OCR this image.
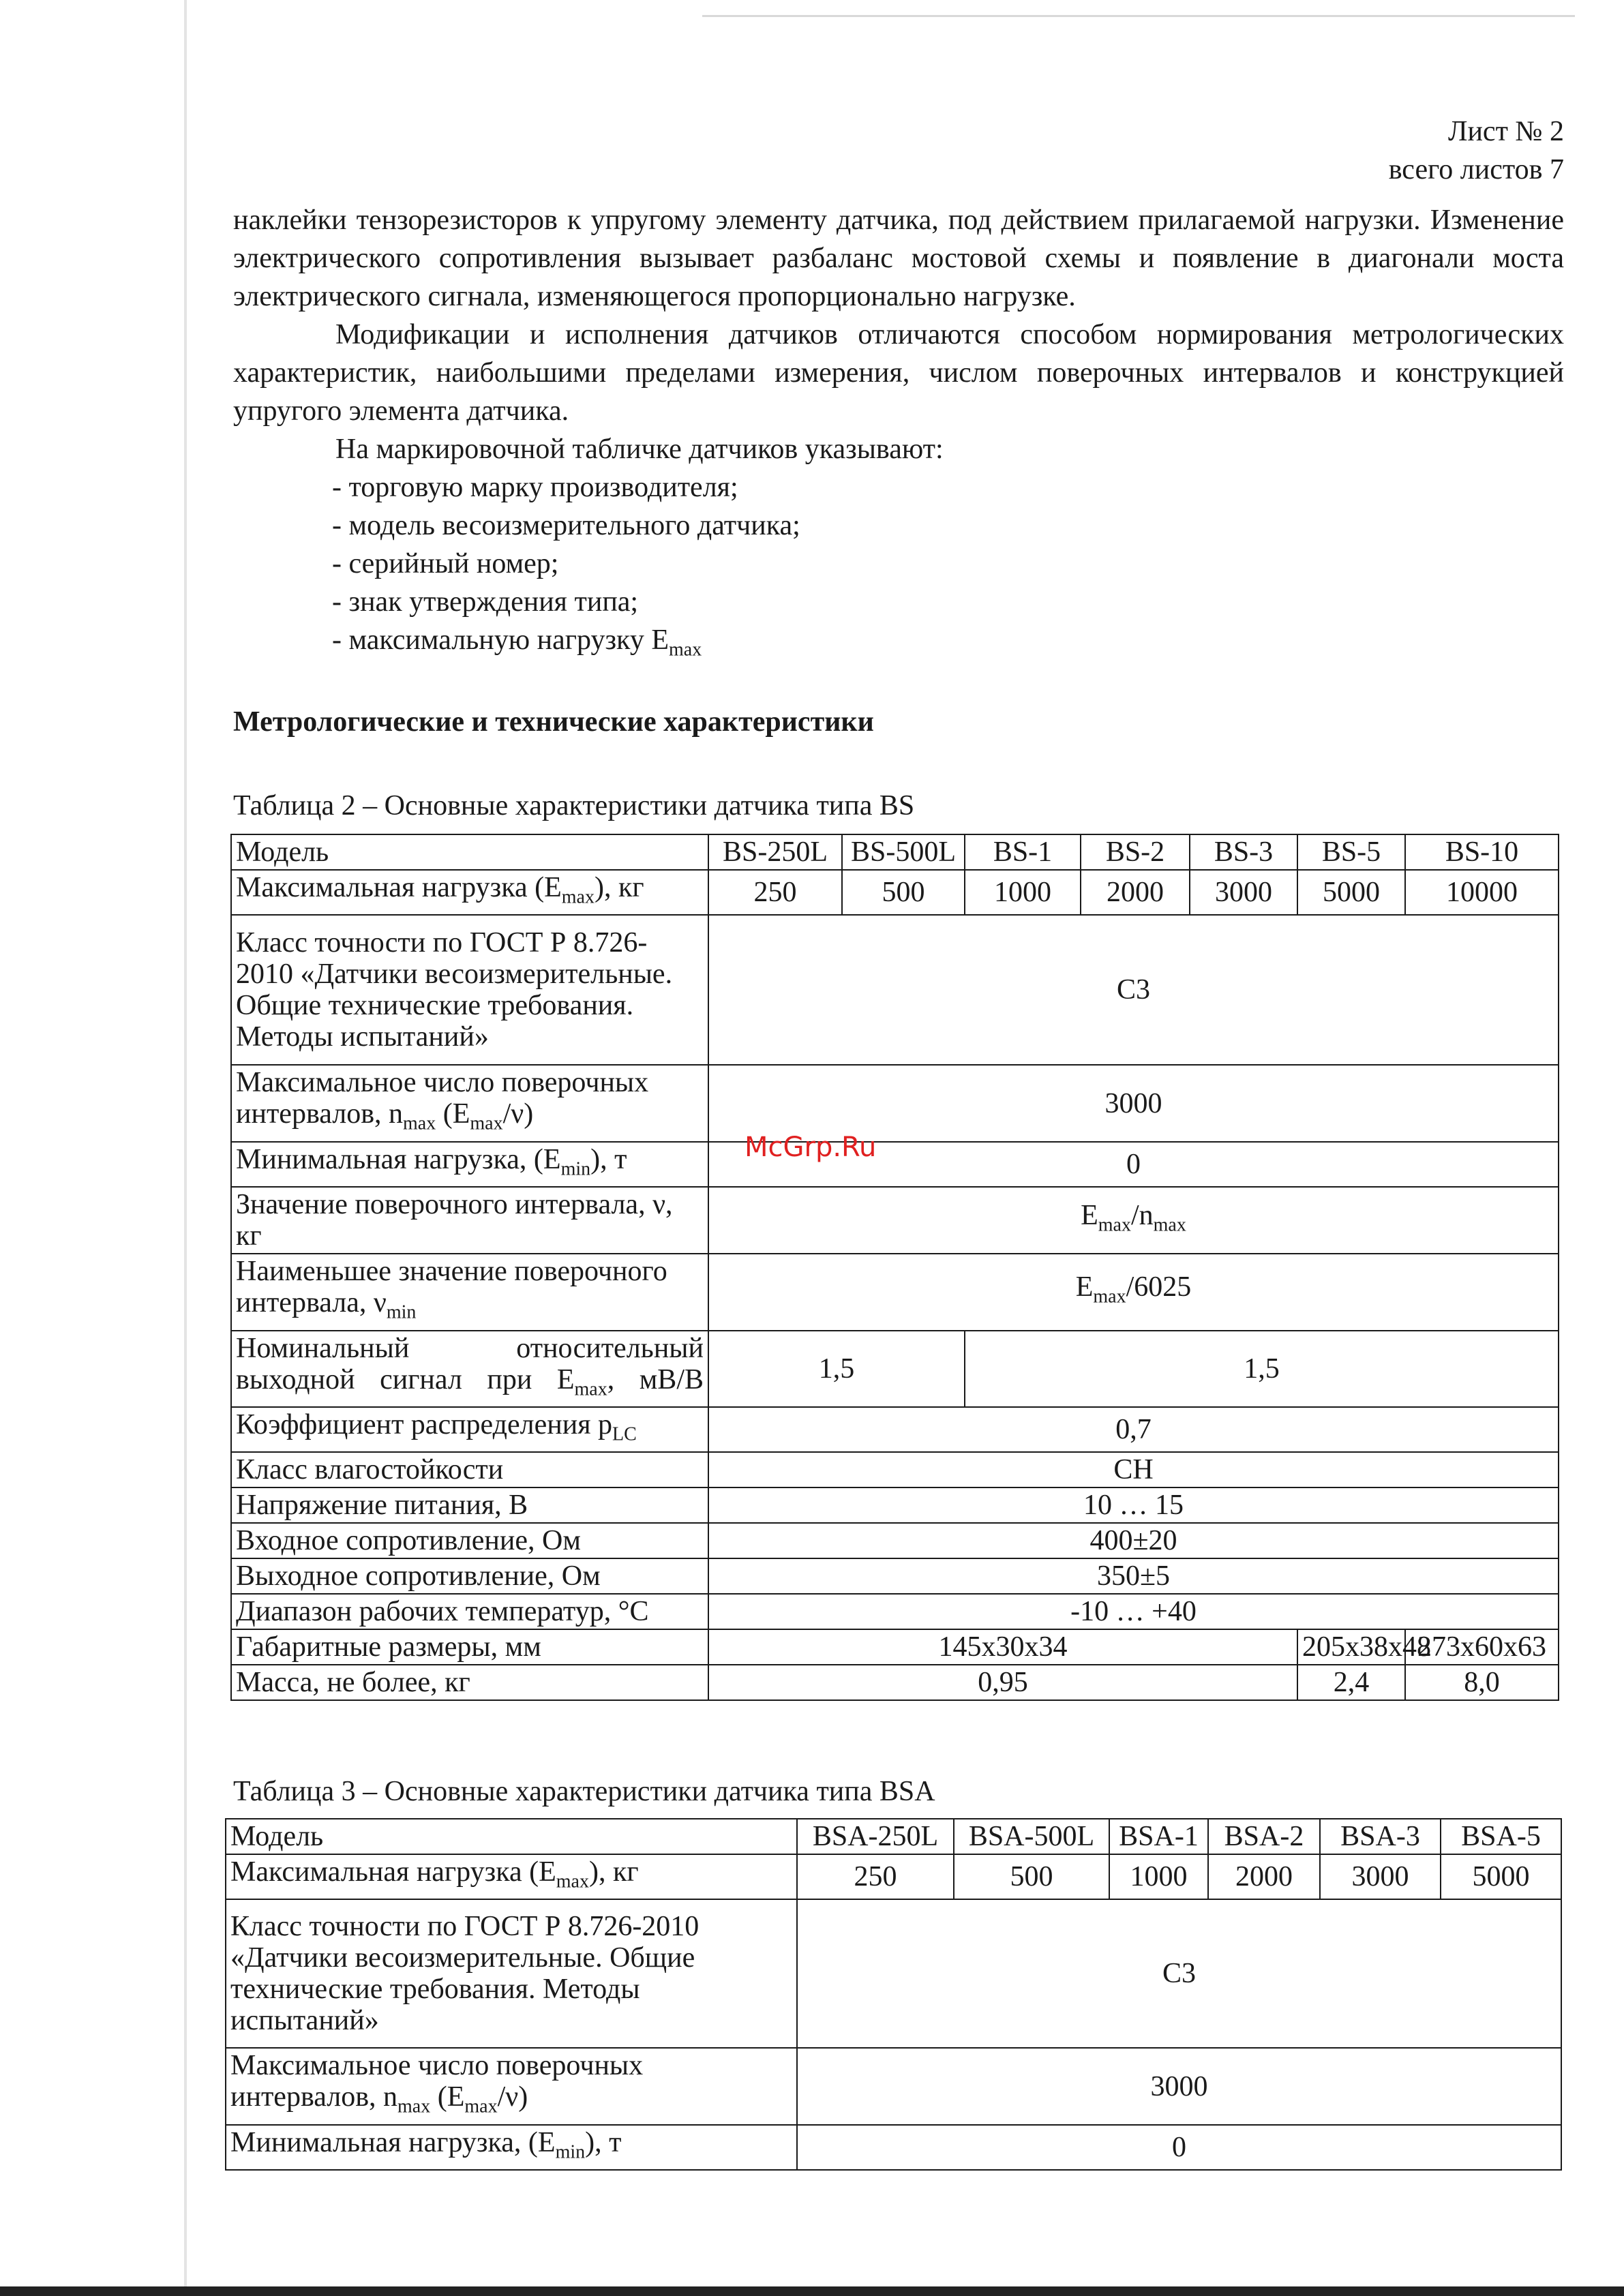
Лист № 2
всего листов 7

наклейки тензорезисторов к упругому элементу датчика, под действием прилагаемой нагрузки. Изменение электрического сопротивления вызывает разбаланс мостовой схемы и появление в диагонали моста электрического сигнала, изменяющегося пропорционально нагрузке.

Модификации и исполнения датчиков отличаются способом нормирования метрологических характеристик, наибольшими пределами измерения, числом поверочных интервалов и конструкцией упругого элемента датчика.

На маркировочной табличке датчиков указывают:

- торговую марку производителя;
- модель весоизмерительного датчика;
- серийный номер;
- знак утверждения типа;
- максимальную нагрузку $E_{max}$
Метрологические и технические характеристики
Таблица 2 – Основные характеристики датчика типа BS
Модель	BS-250L	BS-500L	BS-1	BS-2	BS-3	BS-5	BS-10
Максимальная нагрузка $(E_{max})$, кг	250	500	1000	2000	3000	5000	10000
Класс точности по ГОСТ Р 8.726-2010 «Датчики весоизмерительные. Общие технические требования. Методы испытаний»	С3						
Максимальное число поверочных интервалов, $n_{max}$ $(E_{max}/\nu)$	3000						
Минимальная нагрузка, $(E_{min})$, т	0						
Значение поверочного интервала, ν, кг	$E_{max}/n_{max}$
Наименьшее значение поверочного интервала, $\nu_{min}$	$E_{max}/6025$						
Номинальный относительный выходной сигнал при $E_{max}$, мВ/В	1,5		1,5				
Коэффициент распределения $p_{LC}$	0,7						
Класс влагостойкости	СН						
Напряжение питания, В	10 … 15						
Входное сопротивление, Ом	400±20						
Выходное сопротивление, Ом	350±5						
Диапазон рабочих температур, °С	-10 … +40						
Габаритные размеры, мм	145x30x34					205x38x48	273x60x63
Масса, не более, кг	0,95					2,4	8,0
Таблица 3 – Основные характеристики датчика типа BSA
Модель	BSA-250L	BSA-500L	BSA-1	BSA-2	BSA-3	BSA-5
Максимальная нагрузка $(E_{max})$, кг	250	500	1000	2000	3000	5000
Класс точности по ГОСТ Р 8.726-2010 «Датчики весоизмерительные. Общие технические требования. Методы испытаний»	С3					
Максимальное число поверочных интервалов, $n_{max}$ $(E_{max}/\nu)$	3000					
Минимальная нагрузка, $(E_{min})$, т	0					
McGrp.Ru
